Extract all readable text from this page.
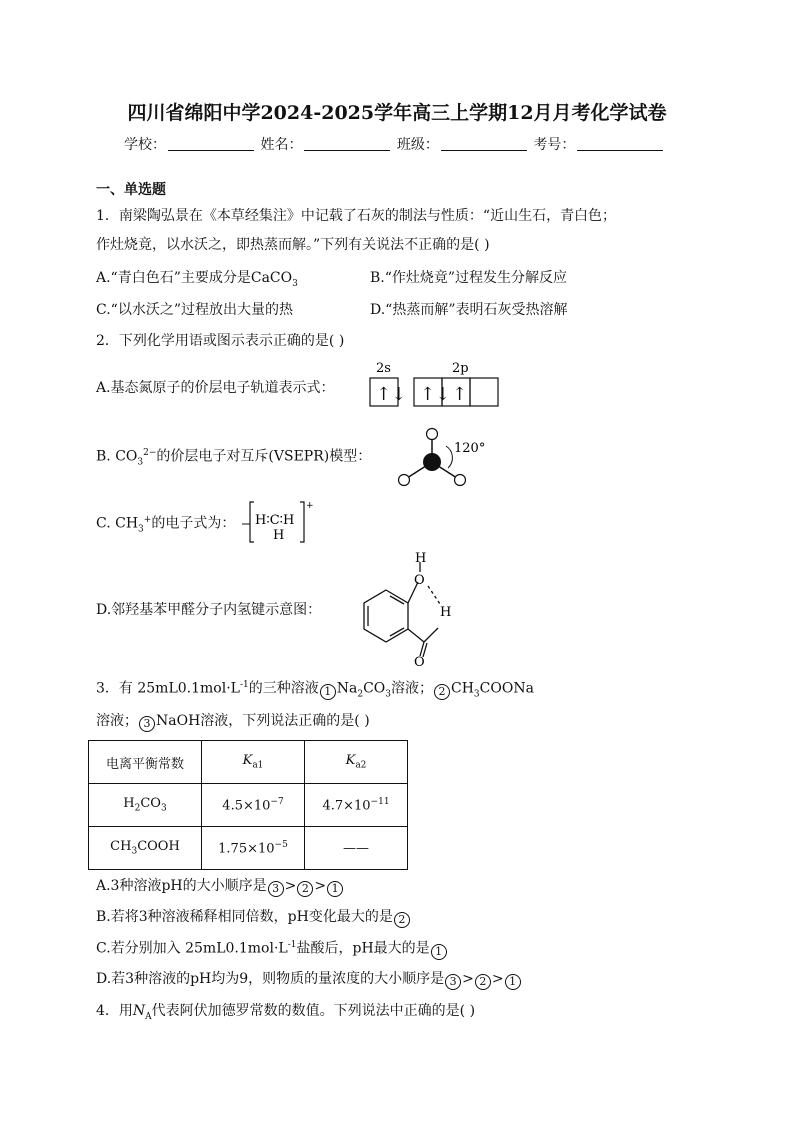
四川省绵阳中学2024-2025学年高三上学期12月月考化学试卷
学校：	姓名：	班级：	考号：
一、单选题
1．南梁陶弘景在《本草经集注》中记载了石灰的制法与性质：“近山生石，青白色；
作灶烧竟，以水沃之，即热蒸而解。”下列有关说法不正确的是( )
A.“青白色石”主要成分是CaCO$_3$	B.“作灶烧竟”过程发生分解反应
C.“以水沃之”过程放出大量的热	D.“热蒸而解”表明石灰受热溶解
2．下列化学用语或图示表示正确的是( )
A.基态氮原子的价层电子轨道表示式：
2s	2p
↑↓ ↑↓ ↑
B. $CO_3^{2-}$的价层电子对互斥(VSEPR)模型：
120°
C. $CH_3^+$的电子式为： H∶C∶H
H
+
D.邻羟基苯甲醛分子内氢键示意图：
H
O
H
O
3．有 $25mL0.1mol\cdot L^{-1}$的三种溶液 1 $Na_2CO_3$溶液； 2 $CH_3COONa$
溶液； 3 NaOH溶液，下列说法正确的是( )
电离平衡常数	$K_{a1}$	$K_{a2}$
$H_2CO_3$	$4.5\times 10^{-7}$	$4.7\times 10^{-11}$
$CH_3COOH$	$1.75\times 10^{-5}$	——
A.3种溶液pH的大小顺序是 3 > 2 > 1
B.若将3种溶液稀释相同倍数，pH变化最大的是 2
C.若分别加入 $25mL0.1mol\cdot L^{-1}$盐酸后，pH最大的是 1
D.若3种溶液的pH均为9，则物质的量浓度的大小顺序是 3 > 2 > 1
4．用$N_A$代表阿伏加德罗常数的数值。下列说法中正确的是( )
